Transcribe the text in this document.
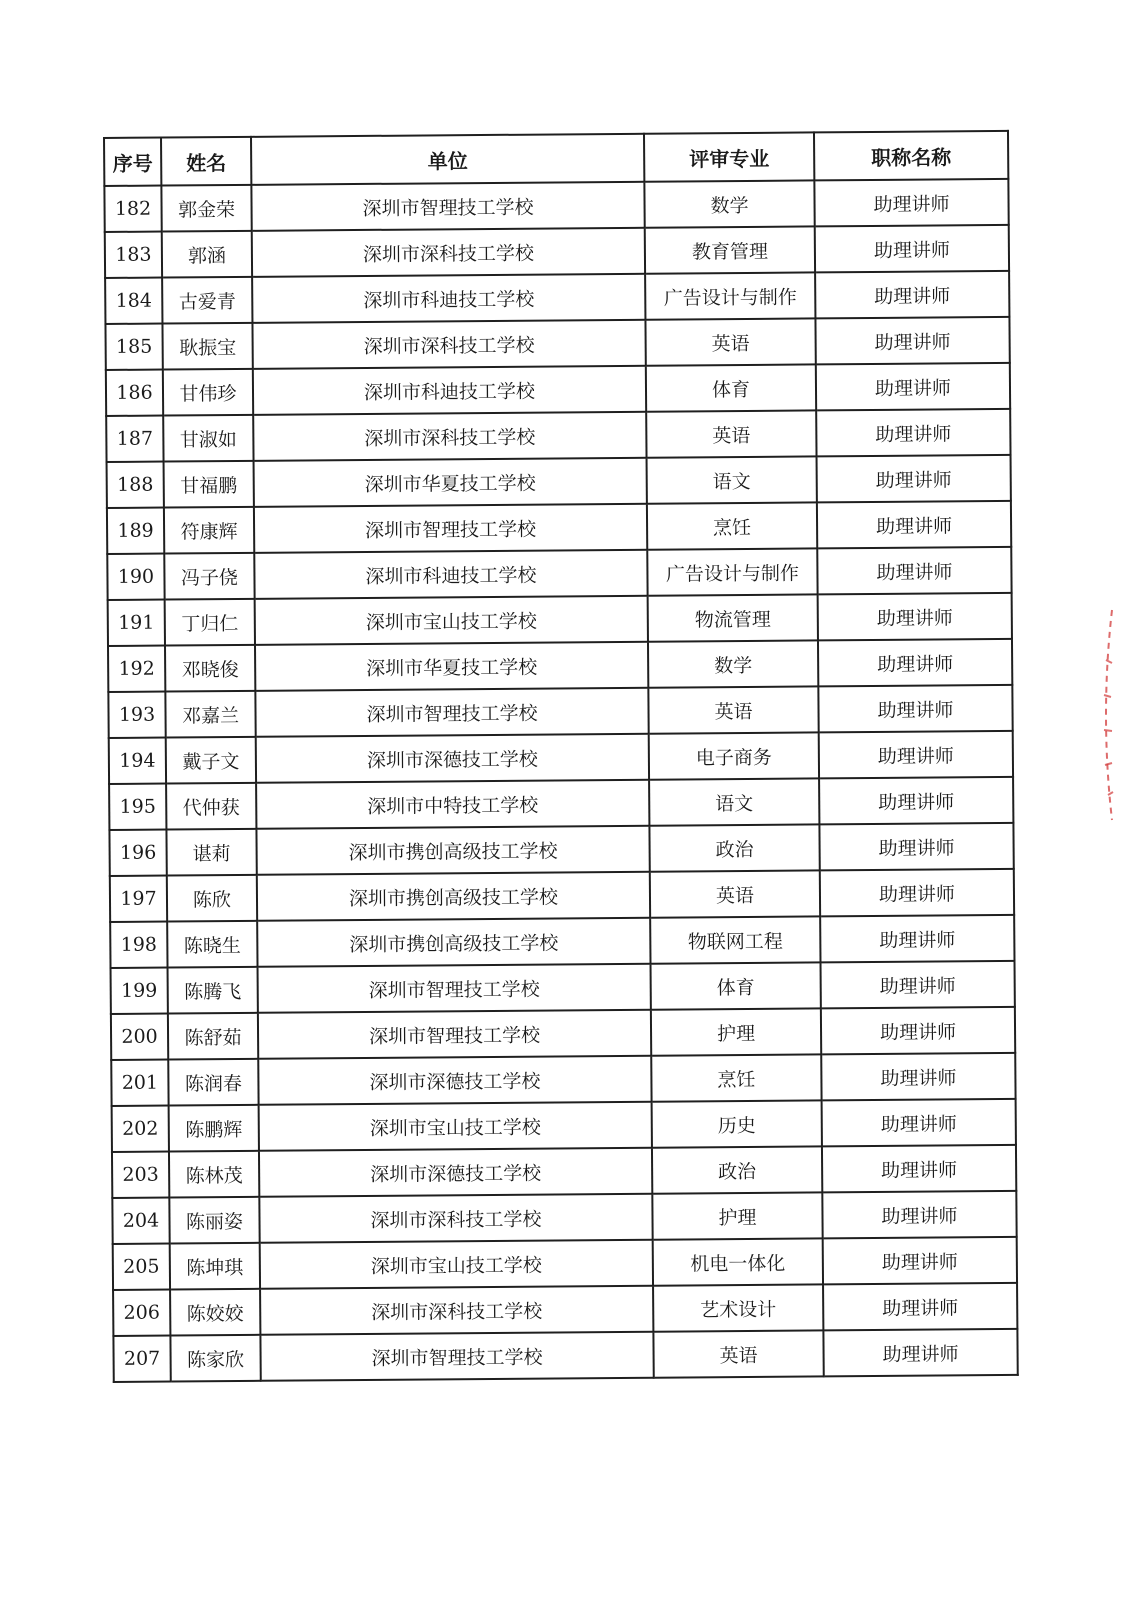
序号	姓名	单位	评审专业	职称名称
182	郭金荣	深圳市智理技工学校	数学	助理讲师
183	郭涵	深圳市深科技工学校	教育管理	助理讲师
184	古爱青	深圳市科迪技工学校	广告设计与制作	助理讲师
185	耿振宝	深圳市深科技工学校	英语	助理讲师
186	甘伟珍	深圳市科迪技工学校	体育	助理讲师
187	甘淑如	深圳市深科技工学校	英语	助理讲师
188	甘福鹏	深圳市华夏技工学校	语文	助理讲师
189	符康辉	深圳市智理技工学校	烹饪	助理讲师
190	冯子侥	深圳市科迪技工学校	广告设计与制作	助理讲师
191	丁归仁	深圳市宝山技工学校	物流管理	助理讲师
192	邓晓俊	深圳市华夏技工学校	数学	助理讲师
193	邓嘉兰	深圳市智理技工学校	英语	助理讲师
194	戴子文	深圳市深德技工学校	电子商务	助理讲师
195	代仲获	深圳市中特技工学校	语文	助理讲师
196	谌莉	深圳市携创高级技工学校	政治	助理讲师
197	陈欣	深圳市携创高级技工学校	英语	助理讲师
198	陈晓生	深圳市携创高级技工学校	物联网工程	助理讲师
199	陈腾飞	深圳市智理技工学校	体育	助理讲师
200	陈舒茹	深圳市智理技工学校	护理	助理讲师
201	陈润春	深圳市深德技工学校	烹饪	助理讲师
202	陈鹏辉	深圳市宝山技工学校	历史	助理讲师
203	陈林茂	深圳市深德技工学校	政治	助理讲师
204	陈丽姿	深圳市深科技工学校	护理	助理讲师
205	陈坤琪	深圳市宝山技工学校	机电一体化	助理讲师
206	陈姣姣	深圳市深科技工学校	艺术设计	助理讲师
207	陈家欣	深圳市智理技工学校	英语	助理讲师
